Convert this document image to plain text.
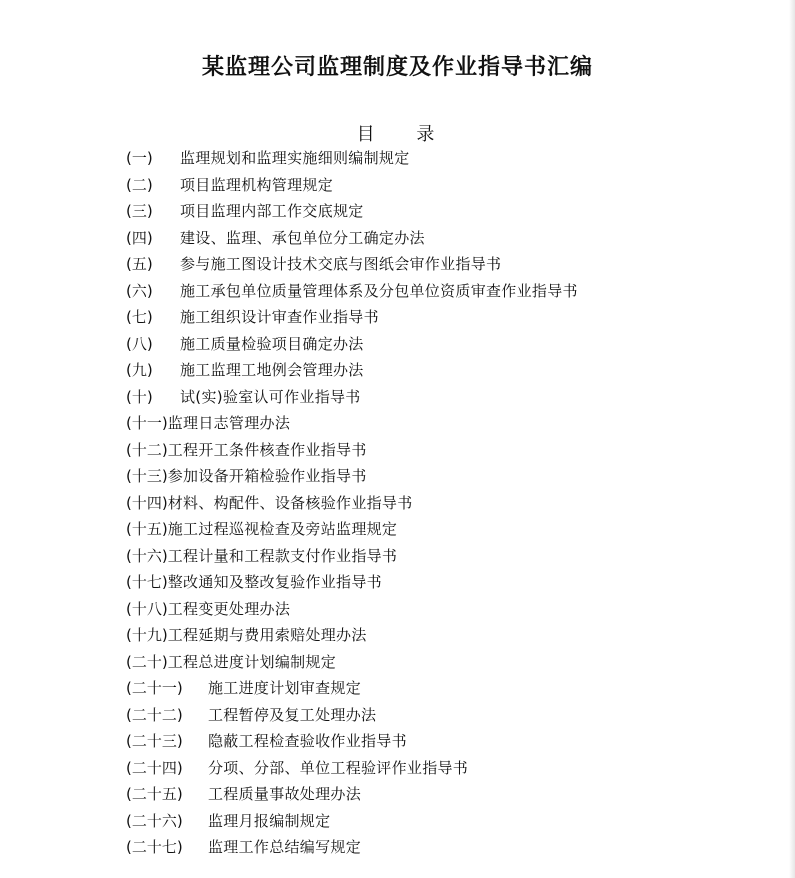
某监理公司监理制度及作业指导书汇编
目 录
(一)	监理规划和监理实施细则编制规定
(二)	项目监理机构管理规定
(三)	项目监理内部工作交底规定
(四)	建设、监理、承包单位分工确定办法
(五)	参与施工图设计技术交底与图纸会审作业指导书
(六)	施工承包单位质量管理体系及分包单位资质审查作业指导书
(七)	施工组织设计审查作业指导书
(八)	施工质量检验项目确定办法
(九)	施工监理工地例会管理办法
(十)	试(实)验室认可作业指导书
(十一) 监理日志管理办法
(十二) 工程开工条件核查作业指导书
(十三) 参加设备开箱检验作业指导书
(十四) 材料、构配件、设备核验作业指导书
(十五) 施工过程巡视检查及旁站监理规定
(十六) 工程计量和工程款支付作业指导书
(十七) 整改通知及整改复验作业指导书
(十八) 工程变更处理办法
(十九) 工程延期与费用索赔处理办法
(二十) 工程总进度计划编制规定
(二十一)	施工进度计划审查规定
(二十二)	工程暂停及复工处理办法
(二十三)	隐蔽工程检查验收作业指导书
(二十四)	分项、分部、单位工程验评作业指导书
(二十五)	工程质量事故处理办法
(二十六)	监理月报编制规定
(二十七)	监理工作总结编写规定
